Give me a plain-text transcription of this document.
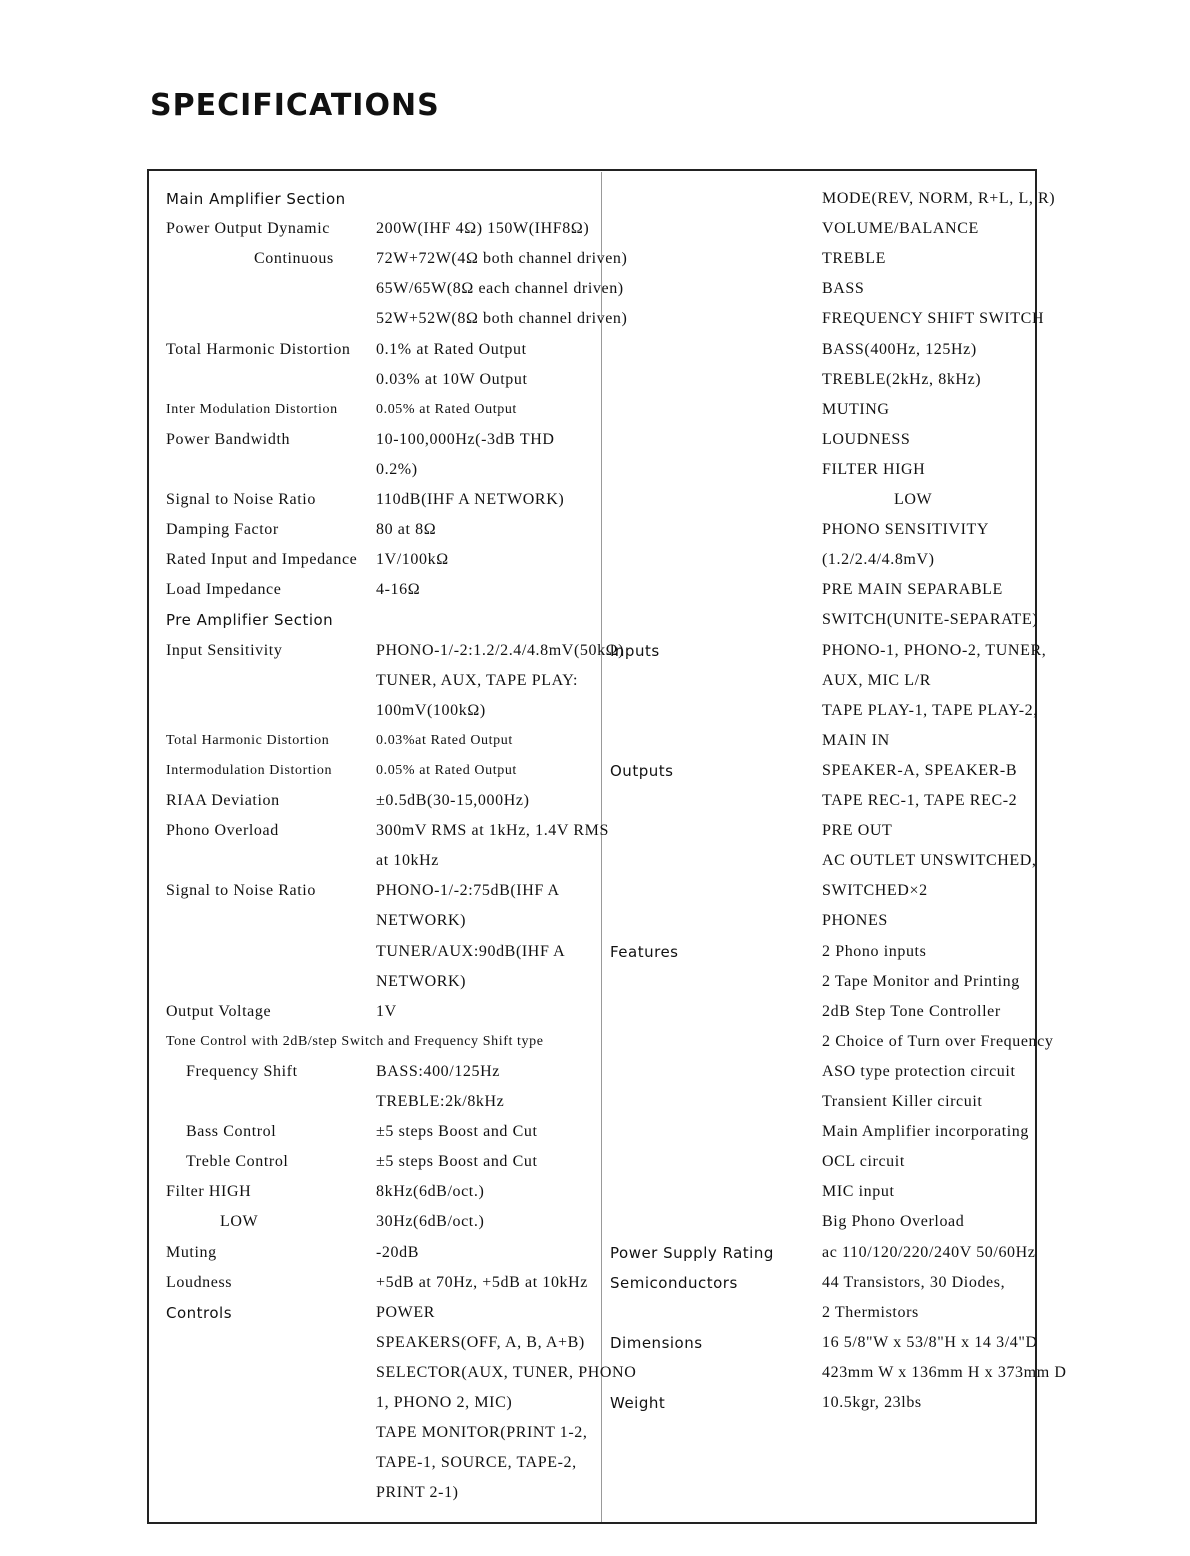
SPECIFICATIONS
Main Amplifier Section
Power Output Dynamic	200W(IHF 4Ω) 150W(IHF8Ω)
Continuous	72W+72W(4Ω both channel driven)
65W/65W(8Ω each channel driven)
52W+52W(8Ω both channel driven)
Total Harmonic Distortion 0.1% at Rated Output
0.03% at 10W Output
Inter Modulation Distortion	0.05% at Rated Output
Power Bandwidth	10-100,000Hz(-3dB THD
0.2%)
Signal to Noise Ratio	110dB(IHF A NETWORK)
Damping Factor	80 at 8Ω
Rated Input and Impedance 1V/100kΩ
Load Impedance	4-16Ω
Pre Amplifier Section
Input Sensitivity	PHONO-1/-2:1.2/2.4/4.8mV(50kΩ)
TUNER, AUX, TAPE PLAY:
100mV(100kΩ)
Total Harmonic Distortion	0.03%at Rated Output
Intermodulation Distortion	0.05% at Rated Output
RIAA Deviation	±0.5dB(30-15,000Hz)
Phono Overload	300mV RMS at 1kHz, 1.4V RMS
at 10kHz
Signal to Noise Ratio	PHONO-1/-2:75dB(IHF A
NETWORK)
TUNER/AUX:90dB(IHF A
NETWORK)
Output Voltage	1V
Tone Control with 2dB/step Switch and Frequency Shift type
Frequency Shift	BASS:400/125Hz
TREBLE:2k/8kHz
Bass Control	±5 steps Boost and Cut
Treble Control	±5 steps Boost and Cut
Filter HIGH	8kHz(6dB/oct.)
LOW	30Hz(6dB/oct.)
Muting	-20dB
Loudness	+5dB at 70Hz, +5dB at 10kHz
Controls	POWER
SPEAKERS(OFF, A, B, A+B)
SELECTOR(AUX, TUNER, PHONO
1, PHONO 2, MIC)
TAPE MONITOR(PRINT 1-2,
TAPE-1, SOURCE, TAPE-2,
PRINT 2-1)
MODE(REV, NORM, R+L, L, R)
VOLUME/BALANCE
TREBLE
BASS
FREQUENCY SHIFT SWITCH
BASS(400Hz, 125Hz)
TREBLE(2kHz, 8kHz)
MUTING
LOUDNESS
FILTER HIGH
LOW
PHONO SENSITIVITY
(1.2/2.4/4.8mV)
PRE MAIN SEPARABLE
SWITCH(UNITE-SEPARATE)
Inputs	PHONO-1, PHONO-2, TUNER,
AUX, MIC L/R
TAPE PLAY-1, TAPE PLAY-2,
MAIN IN
Outputs	SPEAKER-A, SPEAKER-B
TAPE REC-1, TAPE REC-2
PRE OUT
AC OUTLET UNSWITCHED,
SWITCHED×2
PHONES
Features	2 Phono inputs
2 Tape Monitor and Printing
2dB Step Tone Controller
2 Choice of Turn over Frequency
ASO type protection circuit
Transient Killer circuit
Main Amplifier incorporating
OCL circuit
MIC input
Big Phono Overload
Power Supply Rating	ac 110/120/220/240V 50/60Hz
Semiconductors	44 Transistors, 30 Diodes,
2 Thermistors
Dimensions	16 5/8"W x 53/8"H x 14 3/4"D
423mm W x 136mm H x 373mm D
Weight	10.5kgr, 23lbs
